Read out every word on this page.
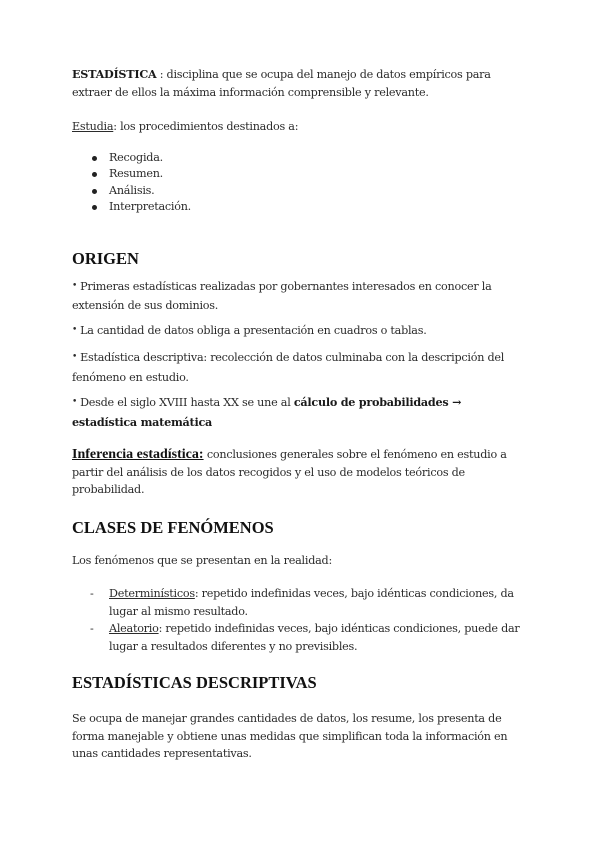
ESTADÍSTICA : disciplina que se ocupa del manejo de datos empíricos para extraer de ellos la máxima información comprensible y relevante.

Estudia: los procedimientos destinados a:

Recogida.
Resumen.
Análisis.
Interpretación.
ORIGEN

• Primeras estadísticas realizadas por gobernantes interesados en conocer la extensión de sus dominios.

• La cantidad de datos obliga a presentación en cuadros o tablas.

• Estadística descriptiva: recolección de datos culminaba con la descripción del fenómeno en estudio.

• Desde el siglo XVIII hasta XX se une al cálculo de probabilidades → estadística matemática

Inferencia estadística: conclusiones generales sobre el fenómeno en estudio a partir del análisis de los datos recogidos y el uso de modelos teóricos de probabilidad.

CLASES DE FENÓMENOS

Los fenómenos que se presentan en la realidad:

- Determinísticos: repetido indefinidas veces, bajo idénticas condiciones, da lugar al mismo resultado.
- Aleatorio: repetido indefinidas veces, bajo idénticas condiciones, puede dar lugar a resultados diferentes y no previsibles.
ESTADÍSTICAS DESCRIPTIVAS

Se ocupa de manejar grandes cantidades de datos, los resume, los presenta de forma manejable y obtiene unas medidas que simplifican toda la información en unas cantidades representativas.
